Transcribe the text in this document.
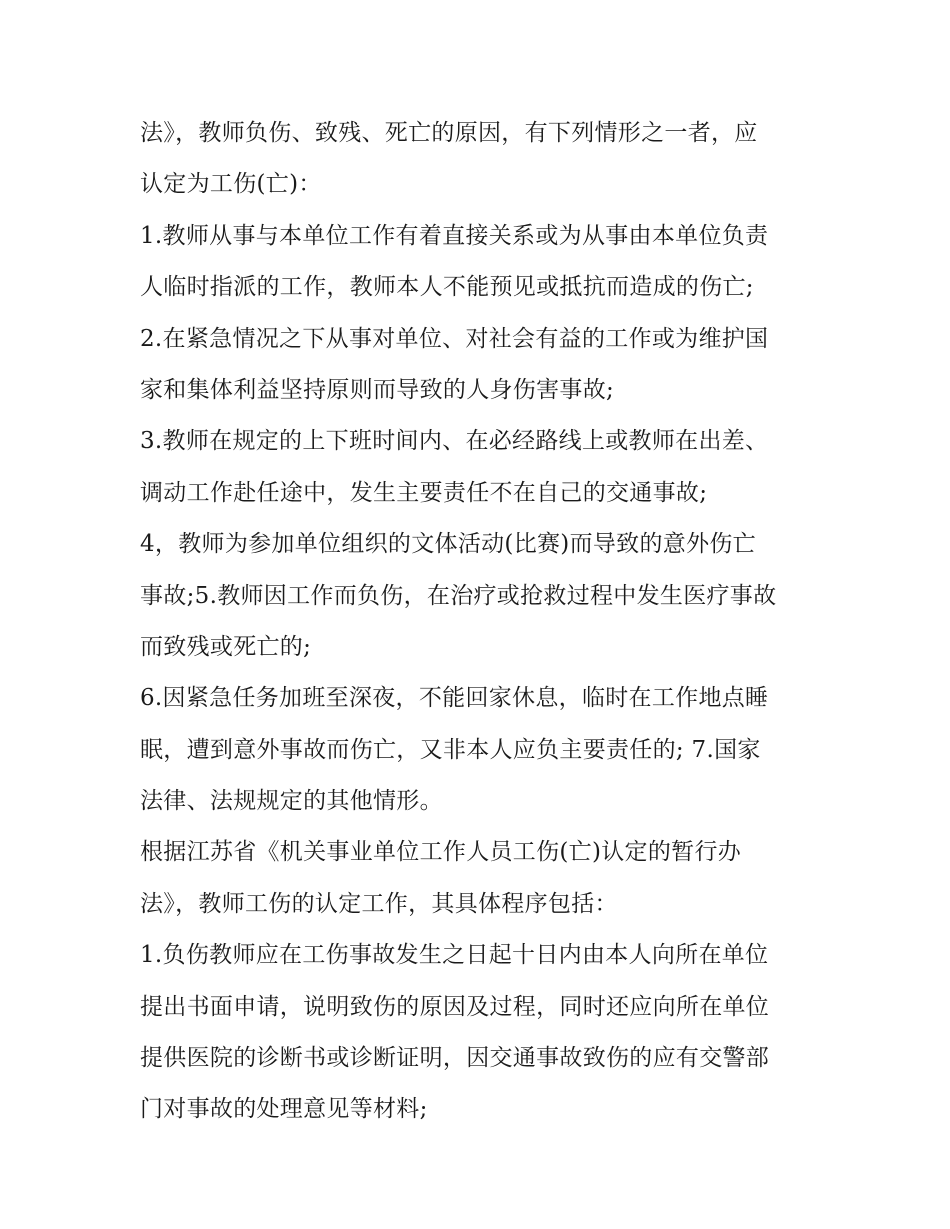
法》，教师负伤、致残、死亡的原因，有下列情形之一者，应
认定为工伤(亡)：
1.教师从事与本单位工作有着直接关系或为从事由本单位负责
人临时指派的工作，教师本人不能预见或抵抗而造成的伤亡;
2.在紧急情况之下从事对单位、对社会有益的工作或为维护国
家和集体利益坚持原则而导致的人身伤害事故;
3.教师在规定的上下班时间内、在必经路线上或教师在出差、
调动工作赴任途中，发生主要责任不在自己的交通事故;
4，教师为参加单位组织的文体活动(比赛)而导致的意外伤亡
事故;5.教师因工作而负伤，在治疗或抢救过程中发生医疗事故
而致残或死亡的;
6.因紧急任务加班至深夜，不能回家休息，临时在工作地点睡
眠，遭到意外事故而伤亡，又非本人应负主要责任的; 7.国家
法律、法规规定的其他情形。
根据江苏省《机关事业单位工作人员工伤(亡)认定的暂行办
法》，教师工伤的认定工作，其具体程序包括：
1.负伤教师应在工伤事故发生之日起十日内由本人向所在单位
提出书面申请，说明致伤的原因及过程，同时还应向所在单位
提供医院的诊断书或诊断证明，因交通事故致伤的应有交警部
门对事故的处理意见等材料;
